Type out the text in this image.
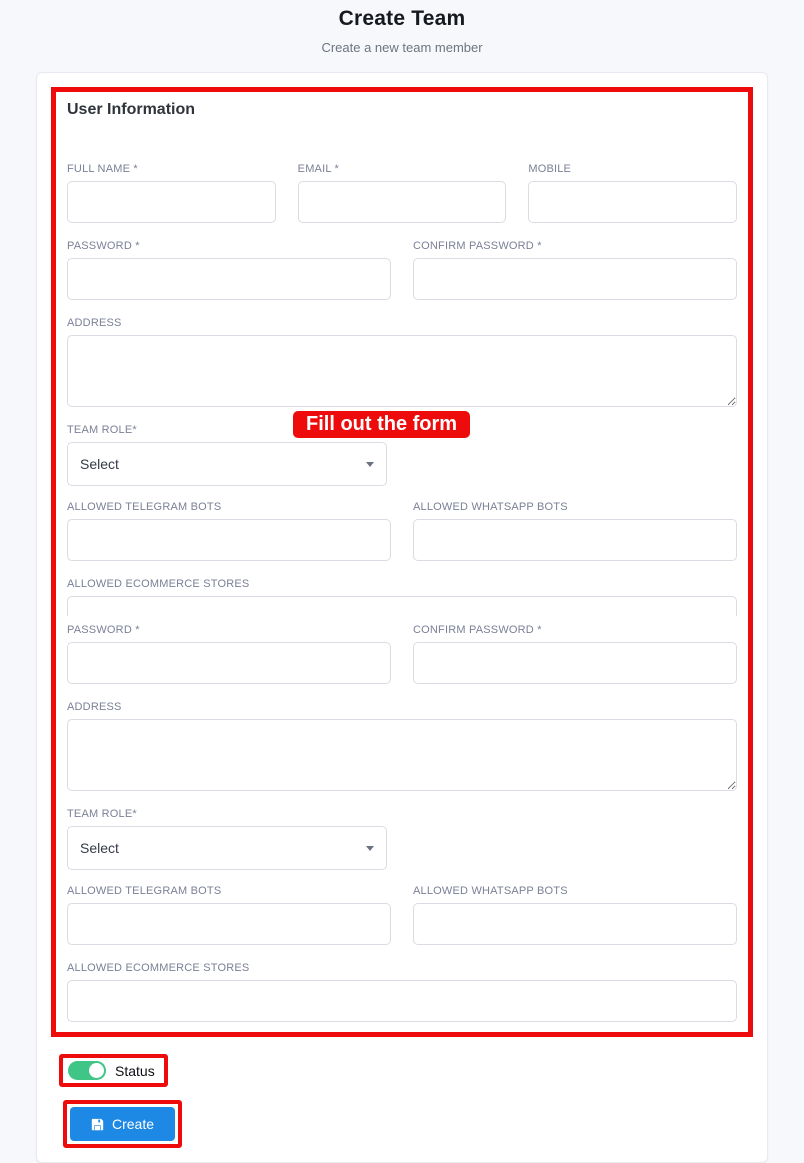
Create Team
Create a new team member
User Information
FULL NAME *	EMAIL *	MOBILE
PASSWORD *	CONFIRM PASSWORD *
ADDRESS
TEAM ROLE*
Select
Fill out the form
ALLOWED TELEGRAM BOTS	ALLOWED WHATSAPP BOTS
ALLOWED ECOMMERCE STORES
PASSWORD *	CONFIRM PASSWORD *
ADDRESS
TEAM ROLE*
Select
ALLOWED TELEGRAM BOTS	ALLOWED WHATSAPP BOTS
ALLOWED ECOMMERCE STORES
Status
Create
